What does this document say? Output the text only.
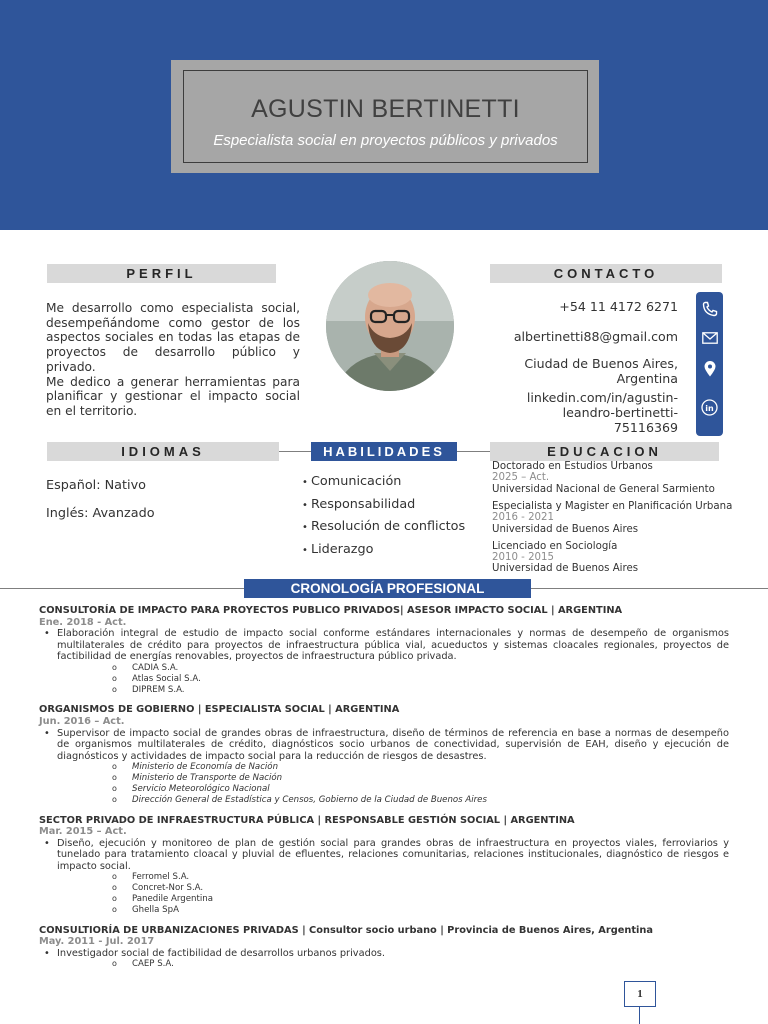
AGUSTIN BERTINETTI
Especialista social en proyectos públicos y privados
PERFIL

Me desarrollo como especialista social, desempeñándome como gestor de los aspectos sociales en todas las etapas de proyectos de desarrollo público y privado.

Me dedico a generar herramientas para planificar y gestionar el impacto social en el territorio.

CONTACTO
+54 11 4172 6271
albertinetti88@gmail.com
Ciudad de Buenos Aires,
Argentina
linkedin.com/in/agustin-
leandro-bertinetti-
75116369
in
IDIOMAS
Español: Nativo
Inglés: Avanzado
HABILIDADES
• Comunicación
• Responsabilidad
• Resolución de conflictos
• Liderazgo
EDUCACION
Doctorado en Estudios Urbanos
2025 – Act.
Universidad Nacional de General Sarmiento
Especialista y Magister en Planificación Urbana
2016 - 2021
Universidad de Buenos Aires
Licenciado en Sociología
2010 - 2015
Universidad de Buenos Aires
CRONOLOGÍA PROFESIONAL
CONSULTORÍA DE IMPACTO PARA PROYECTOS PUBLICO PRIVADOS| ASESOR IMPACTO SOCIAL | ARGENTINA
Ene. 2018 - Act.
• Elaboración integral de estudio de impacto social conforme estándares internacionales y normas de desempeño de organismos multilaterales de crédito para proyectos de infraestructura pública vial, acueductos y sistemas cloacales regionales, proyectos de factibilidad de energías renovables, proyectos de infraestructura público privada.
o CADIA S.A.
o Atlas Social S.A.
o DIPREM S.A.
ORGANISMOS DE GOBIERNO | ESPECIALISTA SOCIAL | ARGENTINA
Jun. 2016 – Act.
• Supervisor de impacto social de grandes obras de infraestructura, diseño de términos de referencia en base a normas de desempeño de organismos multilaterales de crédito, diagnósticos socio urbanos de conectividad, supervisión de EAH, diseño y ejecución de diagnósticos y actividades de impacto social para la reducción de riesgos de desastres.
o Ministerio de Economía de Nación
o Ministerio de Transporte de Nación
o Servicio Meteorológico Nacional
o Dirección General de Estadística y Censos, Gobierno de la Ciudad de Buenos Aires
SECTOR PRIVADO DE INFRAESTRUCTURA PÚBLICA | RESPONSABLE GESTIÓN SOCIAL | ARGENTINA
Mar. 2015 – Act.
• Diseño, ejecución y monitoreo de plan de gestión social para grandes obras de infraestructura en proyectos viales, ferroviarios y tunelado para tratamiento cloacal y pluvial de efluentes, relaciones comunitarias, relaciones institucionales, diagnóstico de riesgos e impacto social.
o Ferromel S.A.
o Concret-Nor S.A.
o Panedile Argentina
o Ghella SpA
CONSULTIORÍA DE URBANIZACIONES PRIVADAS | Consultor socio urbano | Provincia de Buenos Aires, Argentina
May. 2011 - Jul. 2017
• Investigador social de factibilidad de desarrollos urbanos privados.
o CAEP S.A.
1
